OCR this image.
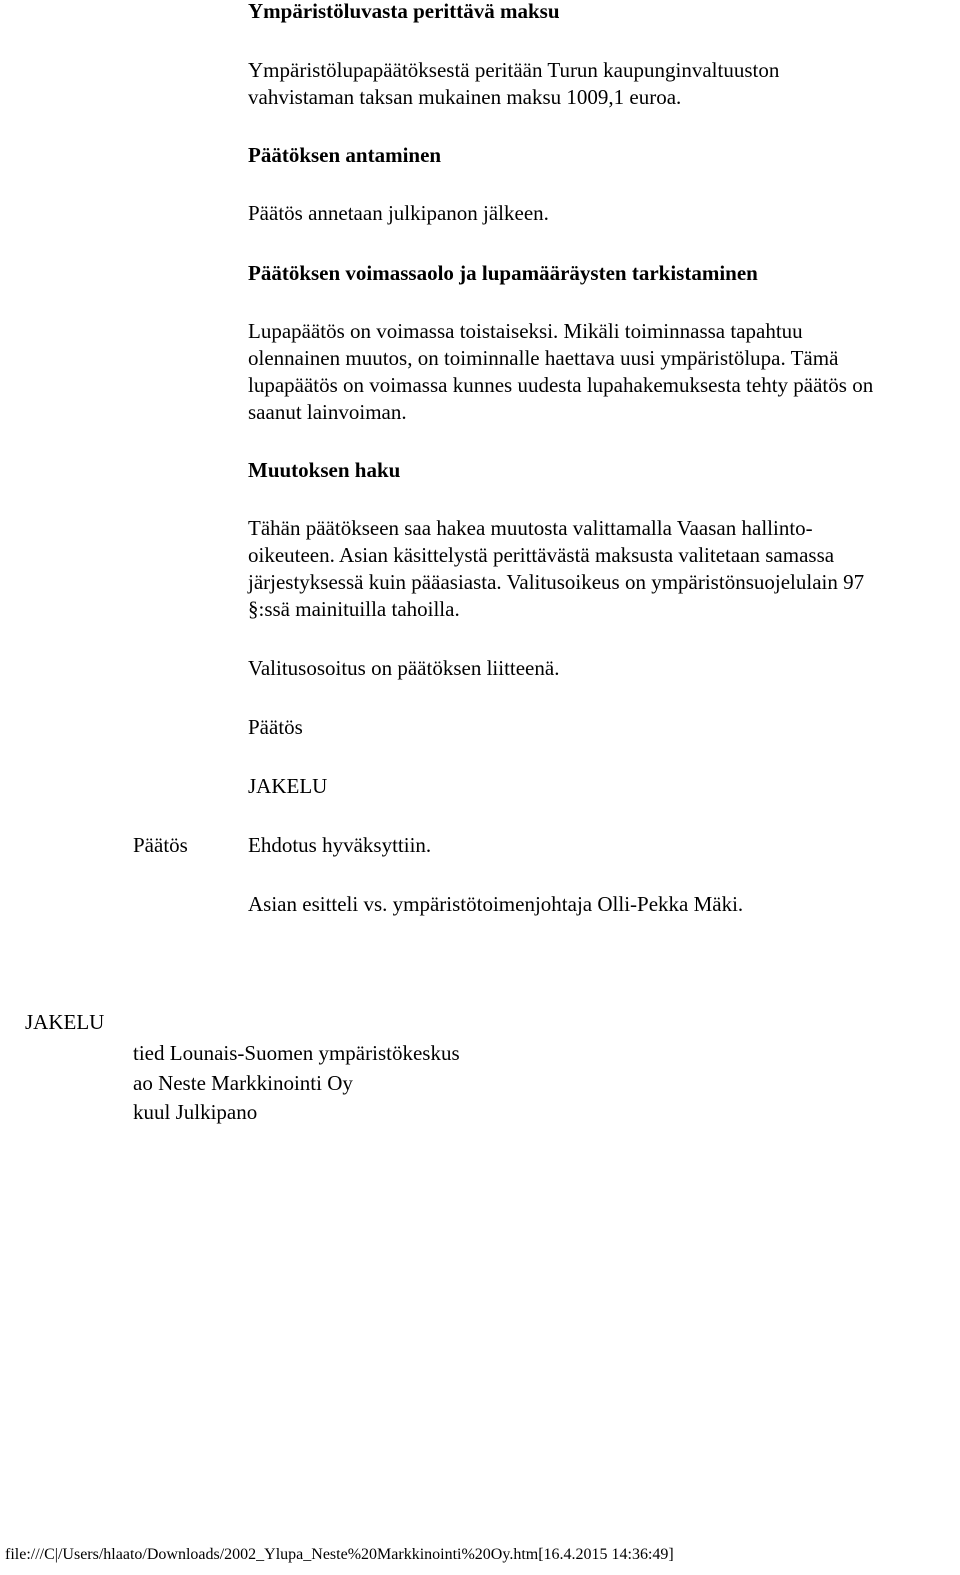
Ympäristöluvasta perittävä maksu
Ympäristölupapäätöksestä peritään Turun kaupunginvaltuuston
vahvistaman taksan mukainen maksu 1009,1 euroa.
Päätöksen antaminen
Päätös annetaan julkipanon jälkeen.
Päätöksen voimassaolo ja lupamääräysten tarkistaminen
Lupapäätös on voimassa toistaiseksi. Mikäli toiminnassa tapahtuu
olennainen muutos, on toiminnalle haettava uusi ympäristölupa. Tämä
lupapäätös on voimassa kunnes uudesta lupahakemuksesta tehty päätös on
saanut lainvoiman.
Muutoksen haku
Tähän päätökseen saa hakea muutosta valittamalla Vaasan hallinto-
oikeuteen. Asian käsittelystä perittävästä maksusta valitetaan samassa
järjestyksessä kuin pääasiasta. Valitusoikeus on ympäristönsuojelulain 97
§:ssä mainituilla tahoilla.
Valitusosoitus on päätöksen liitteenä.
Päätös
JAKELU
Päätös	Ehdotus hyväksyttiin.
Asian esitteli vs. ympäristötoimenjohtaja Olli-Pekka Mäki.
JAKELU
tied Lounais-Suomen ympäristökeskus
ao Neste Markkinointi Oy
kuul Julkipano
file:///C|/Users/hlaato/Downloads/2002_Ylupa_Neste%20Markkinointi%20Oy.htm[16.4.2015 14:36:49]
